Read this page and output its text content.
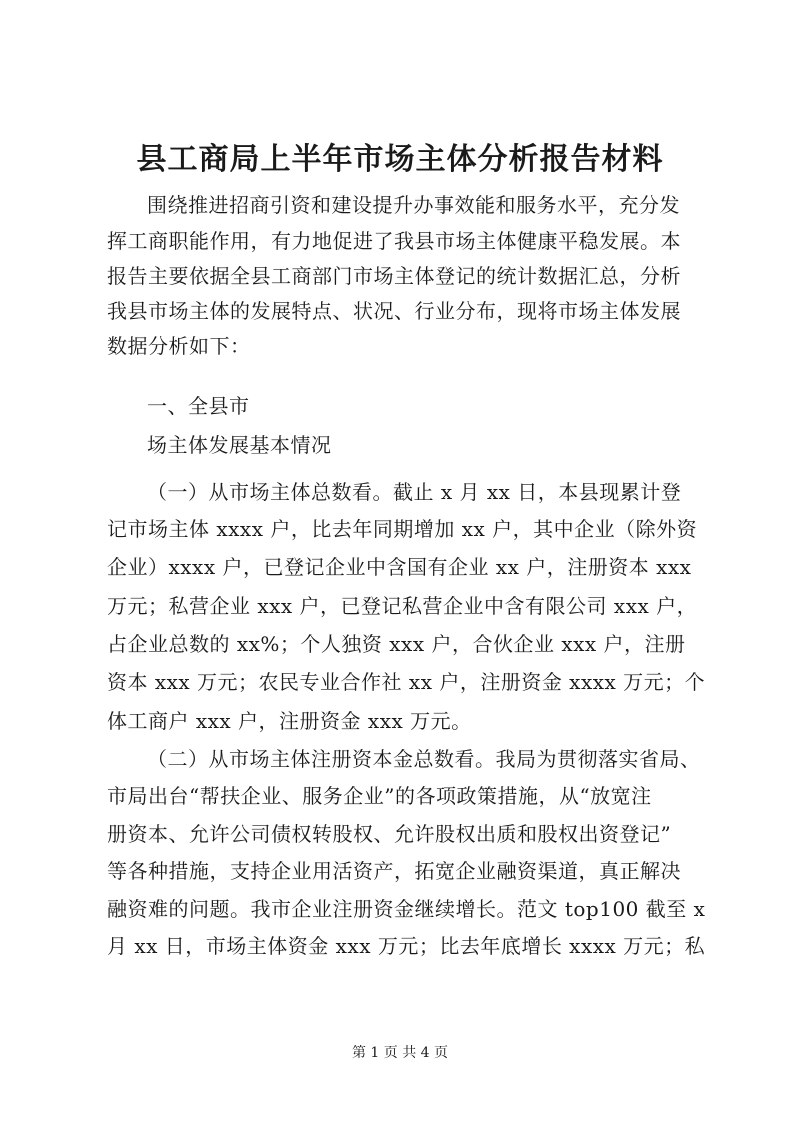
县工商局上半年市场主体分析报告材料
围绕推进招商引资和建设提升办事效能和服务水平，充分发
挥工商职能作用，有力地促进了我县市场主体健康平稳发展。本
报告主要依据全县工商部门市场主体登记的统计数据汇总，分析
我县市场主体的发展特点、状况、行业分布，现将市场主体发展
数据分析如下：
一、全县市
场主体发展基本情况
（一）从市场主体总数看。截止 x 月 xx 日，本县现累计登
记市场主体 xxxx 户，比去年同期增加 xx 户，其中企业（除外资
企业）xxxx 户，已登记企业中含国有企业 xx 户，注册资本 xxx
万元；私营企业 xxx 户，已登记私营企业中含有限公司 xxx 户，
占企业总数的 xx%；个人独资 xxx 户，合伙企业 xxx 户，注册
资本 xxx 万元；农民专业合作社 xx 户，注册资金 xxxx 万元；个
体工商户 xxx 户，注册资金 xxx 万元。
（二）从市场主体注册资本金总数看。我局为贯彻落实省局、
市局出台“帮扶企业、服务企业”的各项政策措施，从“放宽注
册资本、允许公司债权转股权、允许股权出质和股权出资登记”
等各种措施，支持企业用活资产，拓宽企业融资渠道，真正解决
融资难的问题。我市企业注册资金继续增长。范文 top100 截至 x
月 xx 日，市场主体资金 xxx 万元；比去年底增长 xxxx 万元；私
第 1 页 共 4 页
